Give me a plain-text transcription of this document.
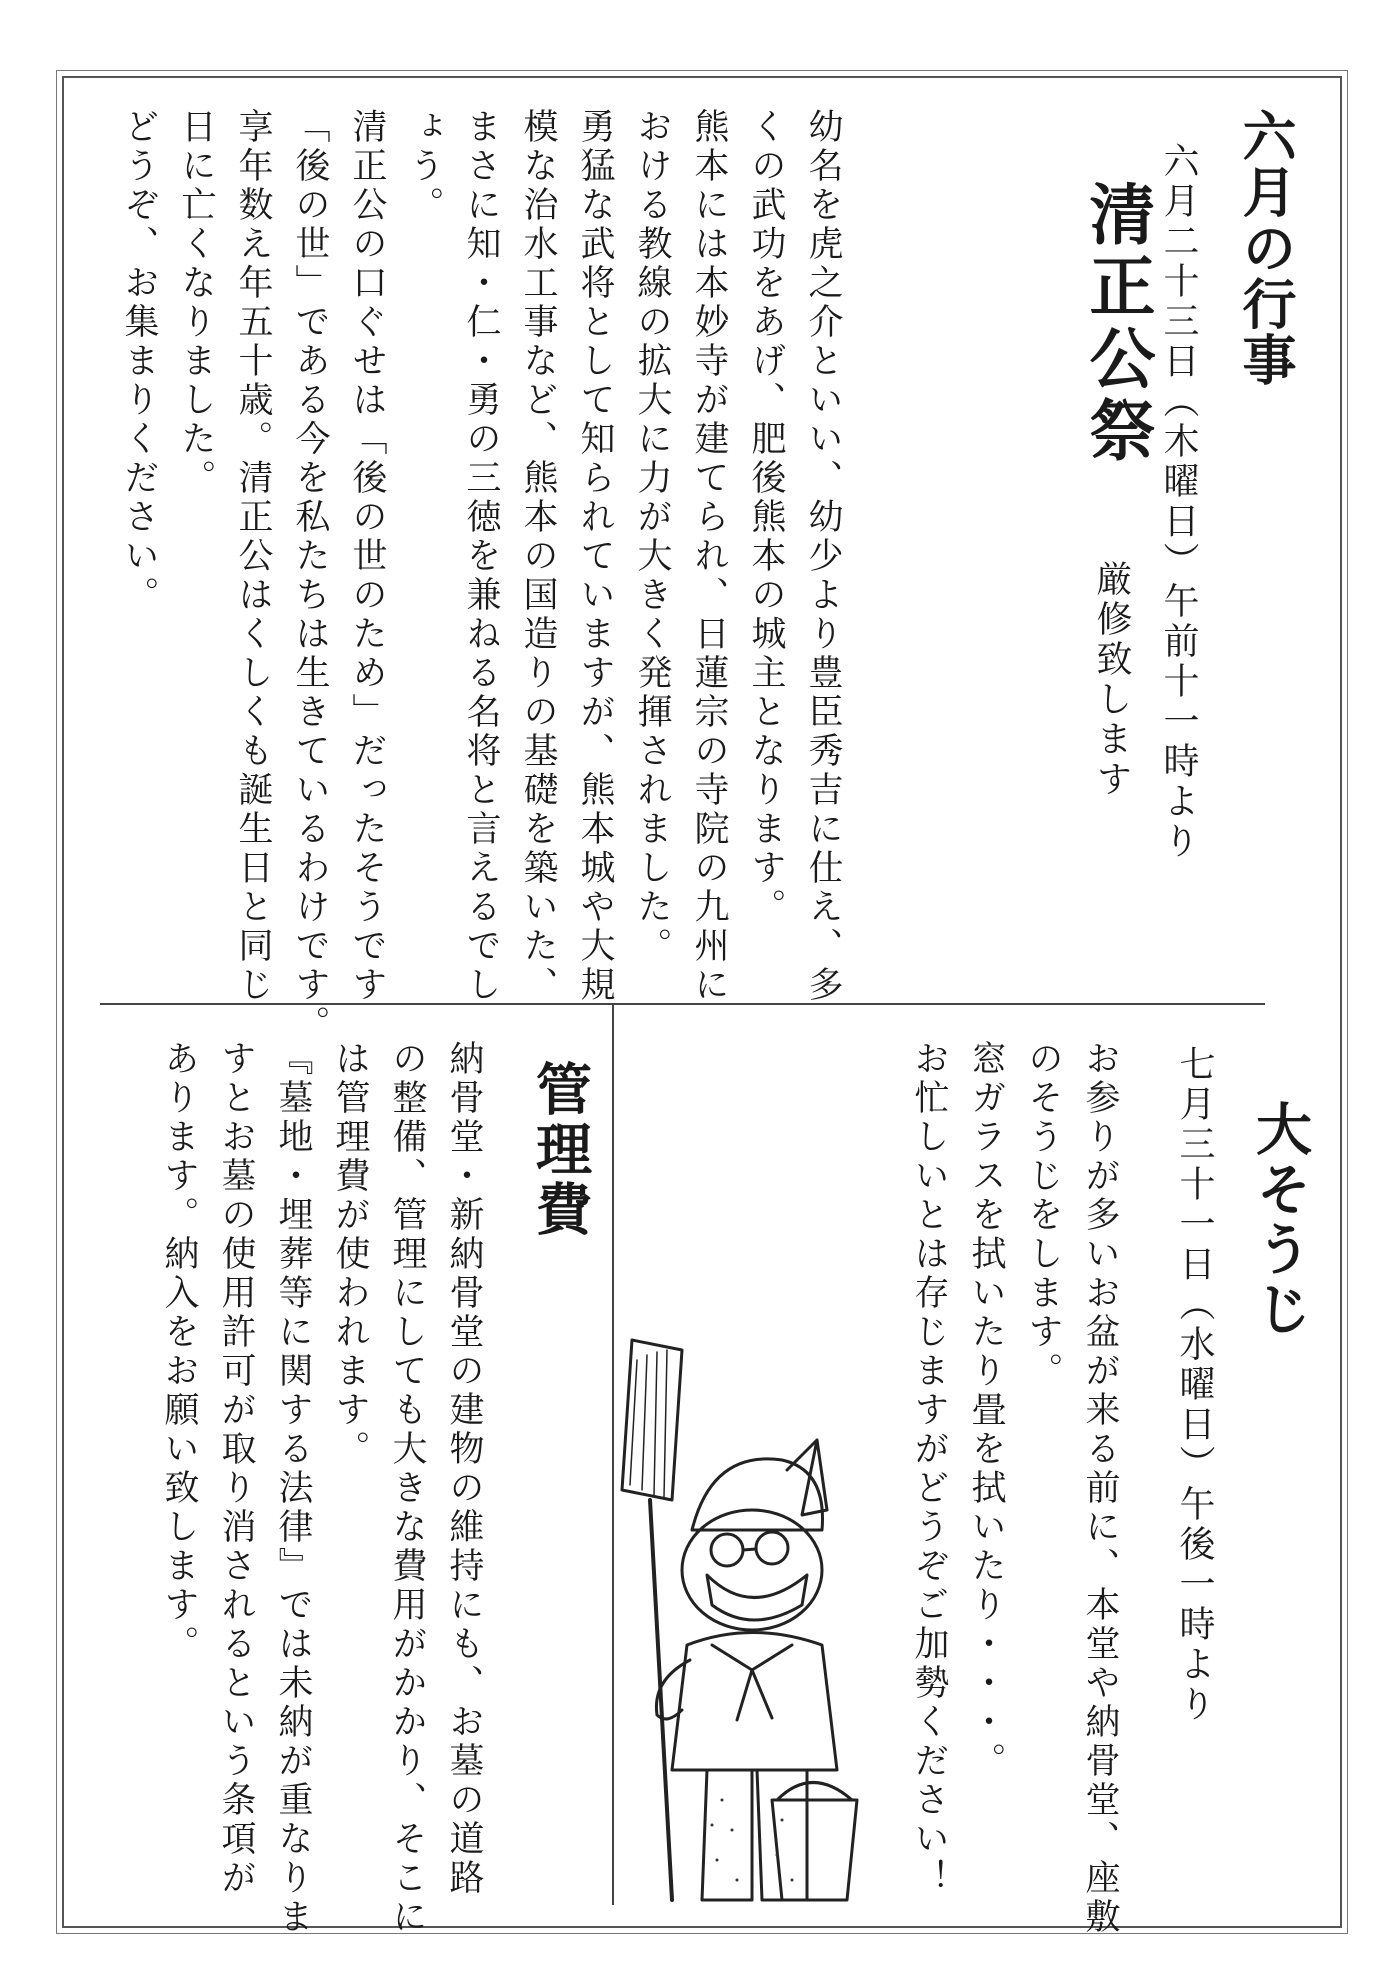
六月の行事
六月二十三日（木曜日）午前十一時より
清正公祭
厳修致します
幼名を虎之介といい、幼少より豊臣秀吉に仕え、多
くの武功をあげ、肥後熊本の城主となります。
熊本には本妙寺が建てられ、日蓮宗の寺院の九州に
おける教線の拡大に力が大きく発揮されました。
勇猛な武将として知られていますが、熊本城や大規
模な治水工事など、熊本の国造りの基礎を築いた、
まさに知・仁・勇の三徳を兼ねる名将と言えるでし
ょう。
清正公の口ぐせは「後の世のため」だったそうです
「後の世」である今を私たちは生きているわけです。
享年数え年五十歳。清正公はくしくも誕生日と同じ
日に亡くなりました。
どうぞ、お集まりください。
大そうじ
七月三十一日（水曜日）午後一時より
お参りが多いお盆が来る前に、本堂や納骨堂、座敷
のそうじをします。
窓ガラスを拭いたり畳を拭いたり・・・。
お忙しいとは存じますがどうぞご加勢ください！
管理費
納骨堂・新納骨堂の建物の維持にも、お墓の道路
の整備、管理にしても大きな費用がかかり、そこに
は管理費が使われます。
『墓地・埋葬等に関する法律』では未納が重なりま
すとお墓の使用許可が取り消されるという条項が
あります。納入をお願い致します。
